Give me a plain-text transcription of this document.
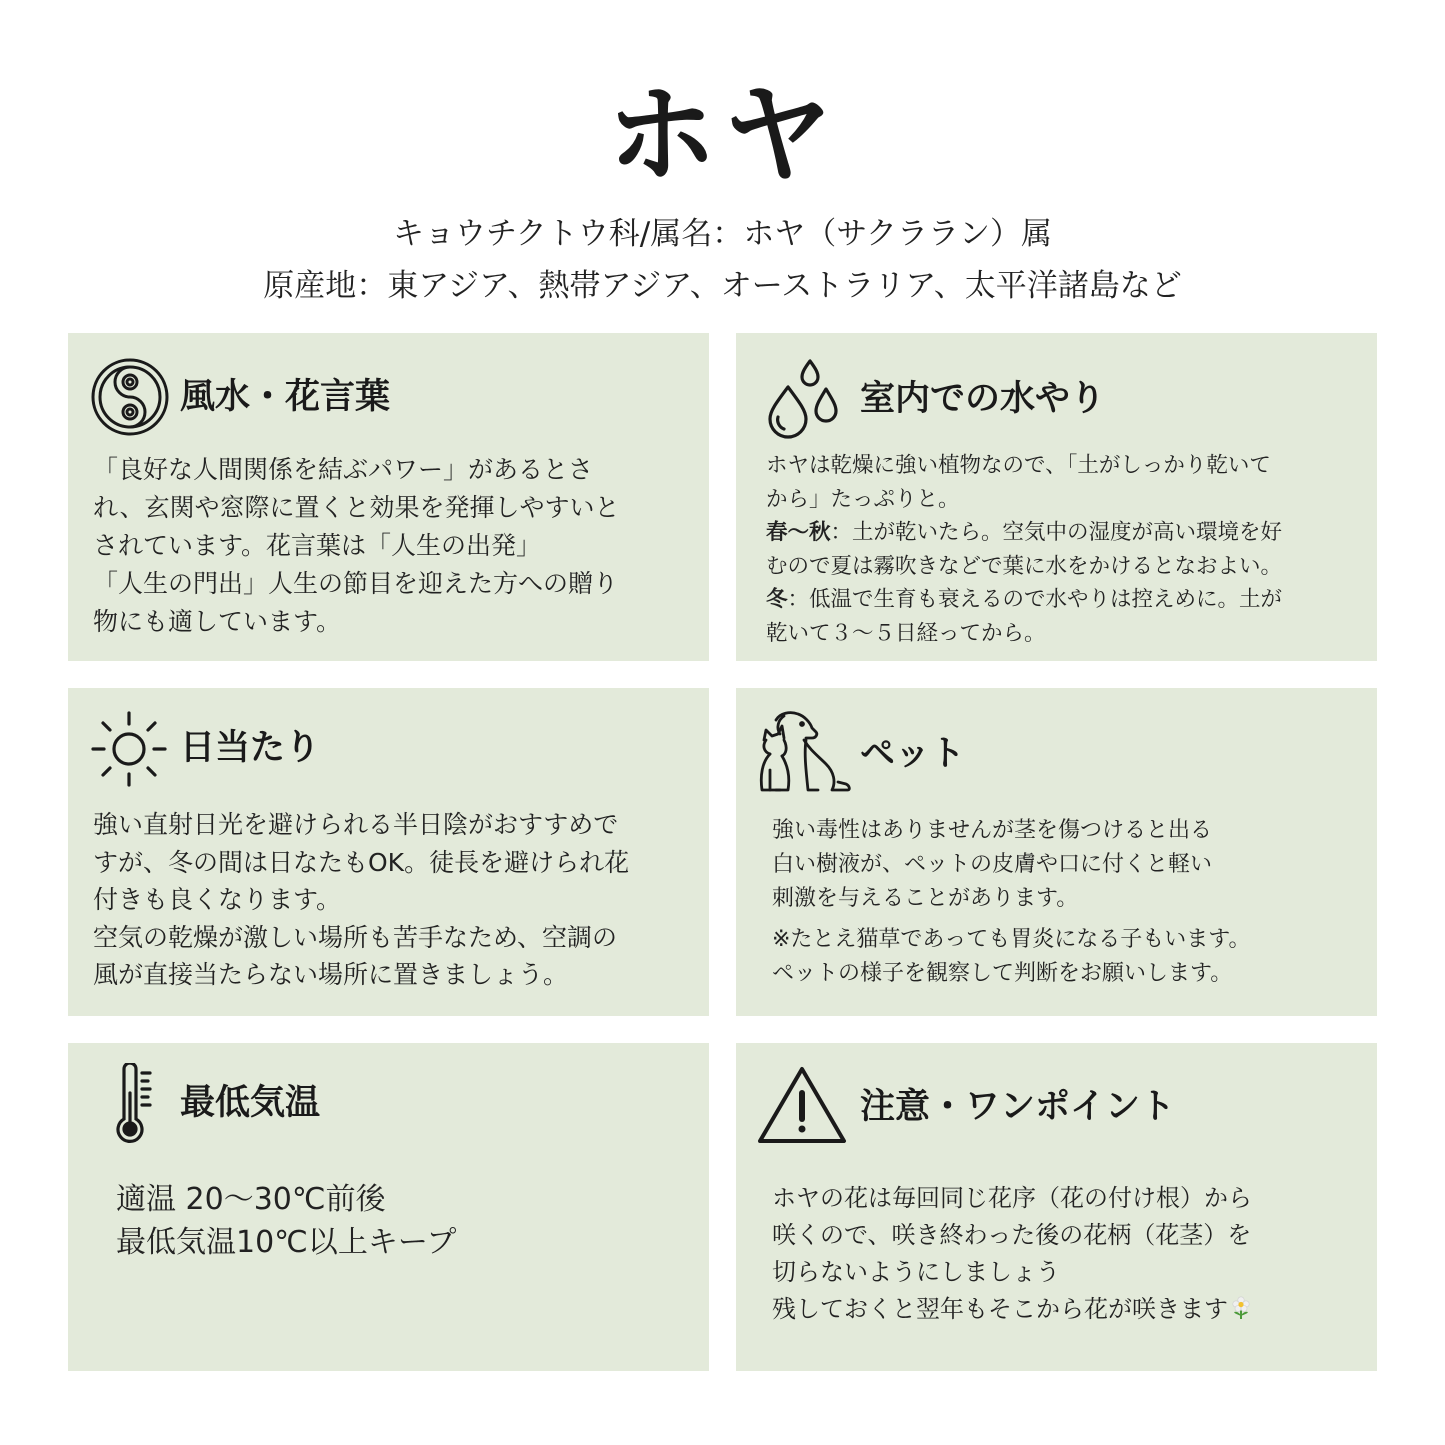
ホヤ
キョウチクトウ科/属名：ホヤ（サクララン）属
原産地：東アジア、熱帯アジア、オーストラリア、太平洋諸島など
風水・花言葉

「良好な人間関係を結ぶパワー」があるとさ

れ、玄関や窓際に置くと効果を発揮しやすいと

されています。花言葉は「人生の出発」

「人生の門出」人生の節目を迎えた方への贈り

物にも適しています。

室内での水やり

ホヤは乾燥に強い植物なので、「土がしっかり乾いて

から」たっぷりと。

春〜秋：土が乾いたら。空気中の湿度が高い環境を好

むので夏は霧吹きなどで葉に水をかけるとなおよい。

冬：低温で生育も衰えるので水やりは控えめに。土が

乾いて３〜５日経ってから。

日当たり

強い直射日光を避けられる半日陰がおすすめで

すが、冬の間は日なたもOK。徒長を避けられ花

付きも良くなります。

空気の乾燥が激しい場所も苦手なため、空調の

風が直接当たらない場所に置きましょう。

ペット

強い毒性はありませんが茎を傷つけると出る

白い樹液が、ペットの皮膚や口に付くと軽い

刺激を与えることがあります。

※たとえ猫草であっても胃炎になる子もいます。

ペットの様子を観察して判断をお願いします。

最低気温

適温 20〜30℃前後

最低気温10℃以上キープ

注意・ワンポイント

ホヤの花は毎回同じ花序（花の付け根）から

咲くので、咲き終わった後の花柄（花茎）を

切らないようにしましょう

残しておくと翌年もそこから花が咲きます
